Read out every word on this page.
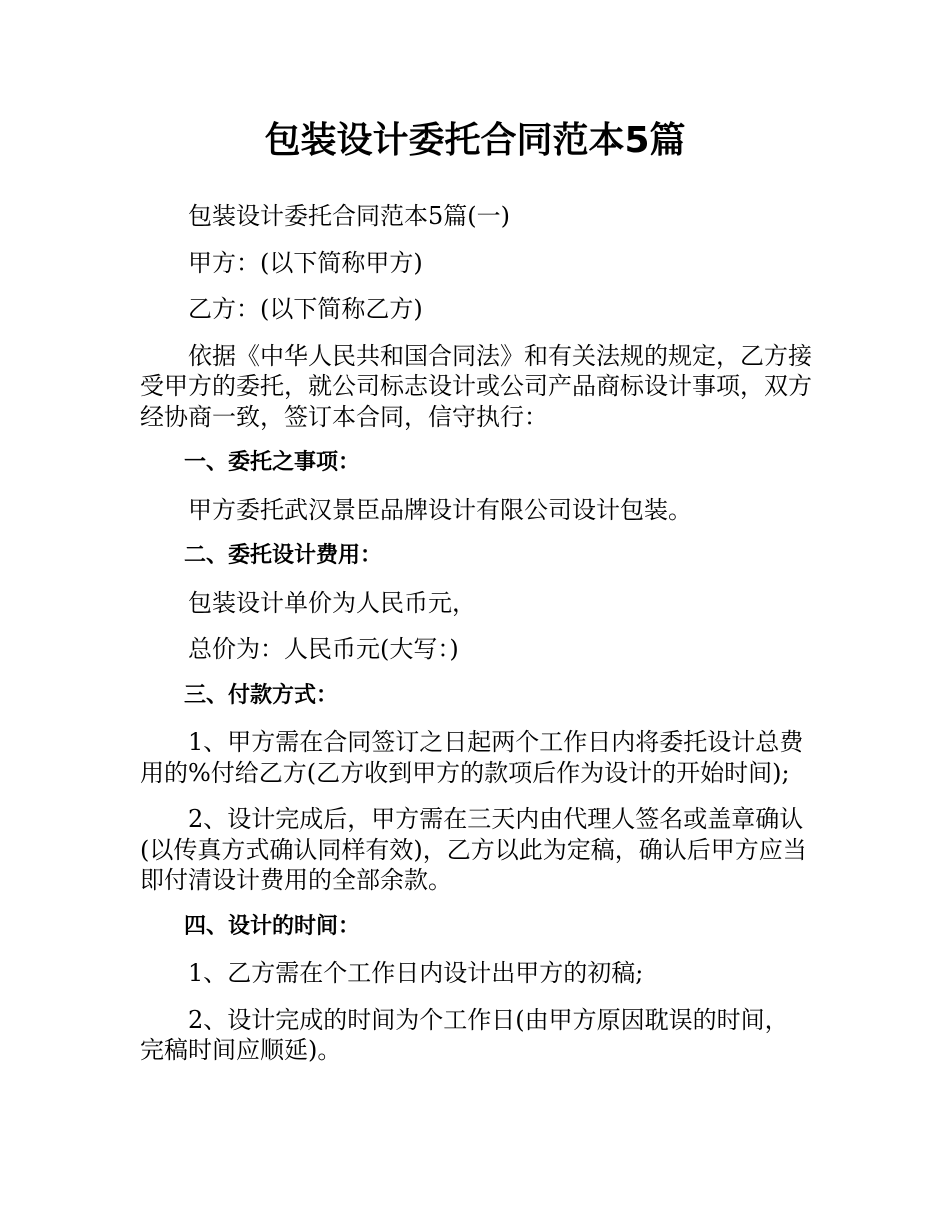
包装设计委托合同范本5篇

包装设计委托合同范本5篇(一)

甲方：(以下简称甲方)

乙方：(以下简称乙方)

依据《中华人民共和国合同法》和有关法规的规定，乙方接受甲方的委托，就公司标志设计或公司产品商标设计事项，双方经协商一致，签订本合同，信守执行：

一、委托之事项：

甲方委托武汉景臣品牌设计有限公司设计包装。

二、委托设计费用：

包装设计单价为人民币元，

总价为：人民币元(大写：)

三、付款方式：

1、甲方需在合同签订之日起两个工作日内将委托设计总费用的%付给乙方(乙方收到甲方的款项后作为设计的开始时间);

2、设计完成后，甲方需在三天内由代理人签名或盖章确认(以传真方式确认同样有效)，乙方以此为定稿，确认后甲方应当即付清设计费用的全部余款。

四、设计的时间：

1、乙方需在个工作日内设计出甲方的初稿;

2、设计完成的时间为个工作日(由甲方原因耽误的时间，完稿时间应顺延)。
